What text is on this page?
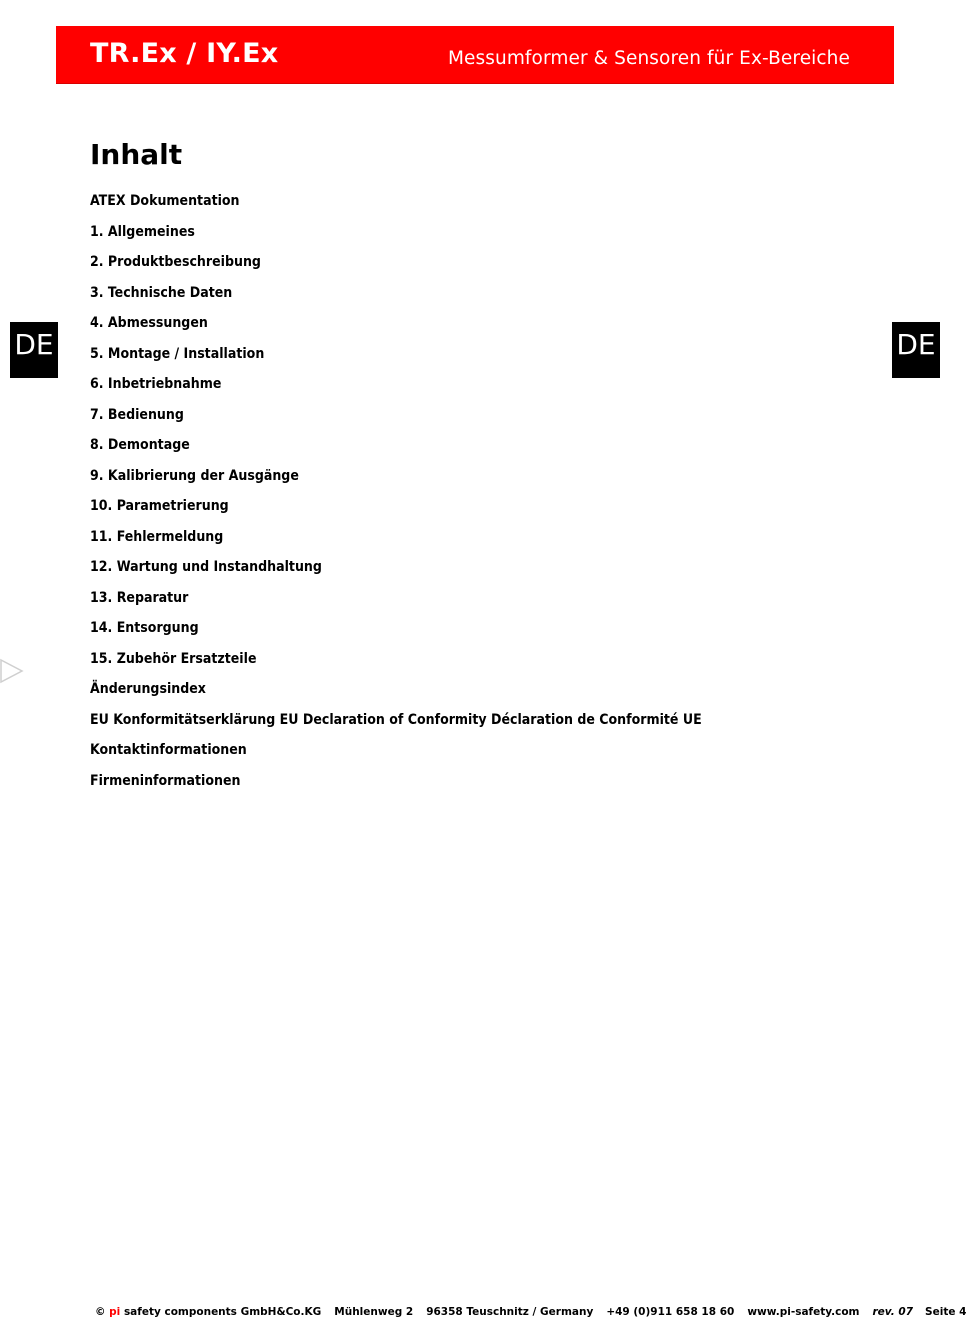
TR.Ex / IY.Ex	Messumformer & Sensoren für Ex-Bereiche
DE	DE
Inhalt
ATEX Dokumentation
1. Allgemeines
2. Produktbeschreibung
3. Technische Daten
4. Abmessungen
5. Montage / Installation
6. Inbetriebnahme
7. Bedienung
8. Demontage
9. Kalibrierung der Ausgänge
10. Parametrierung
11. Fehlermeldung
12. Wartung und Instandhaltung
13. Reparatur
14. Entsorgung
15. Zubehör Ersatzteile
Änderungsindex
EU Konformitätserklärung EU Declaration of Conformity Déclaration de Conformité UE
Kontaktinformationen
Firmeninformationen
©
pi
safety components GmbH&Co.KG Mühlenweg 2 96358 Teuschnitz / Germany +49 (0)911 658 18 60 www.pi-safety.com rev. 07 Seite 4
